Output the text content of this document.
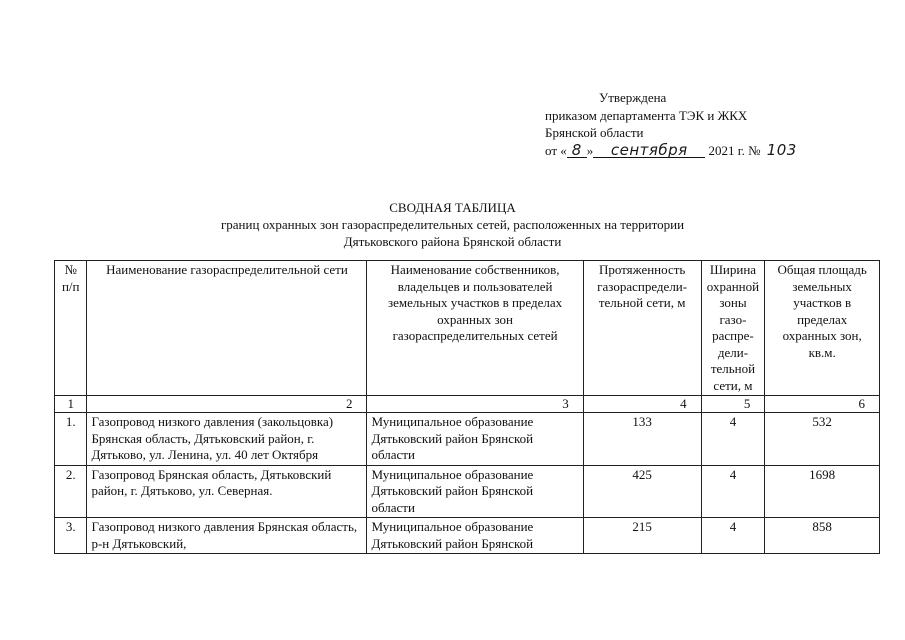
Утверждена
приказом департамента ТЭК и ЖКХ
Брянской области
от « 8 » сентября 2021 г. № 103
СВОДНАЯ ТАБЛИЦА
границ охранных зон газораспределительных сетей, расположенных на территории
Дятьковского района Брянской области
№ п/п	Наименование газораспределительной сети	Наименование собственников, владельцев и пользователей земельных участков в пределах охранных зон газораспределительных сетей	Протяженность газораспредели-тельной сети, м	Ширина охранной зоны газо-распре-дели-тельной сети, м	Общая площадь земельных участков в пределах охранных зон, кв.м.
1	2	3	4	5	6
1.	Газопровод низкого давления (закольцовка) Брянская область, Дятьковский район, г. Дятьково, ул. Ленина, ул. 40 лет Октября	Муниципальное образование Дятьковский район Брянской области	133	4	532
2.	Газопровод Брянская область, Дятьковский район, г. Дятьково, ул. Северная.	Муниципальное образование Дятьковский район Брянской области	425	4	1698
3.	Газопровод низкого давления Брянская область, р-н Дятьковский,	Муниципальное образование Дятьковский район Брянской	215	4	858
